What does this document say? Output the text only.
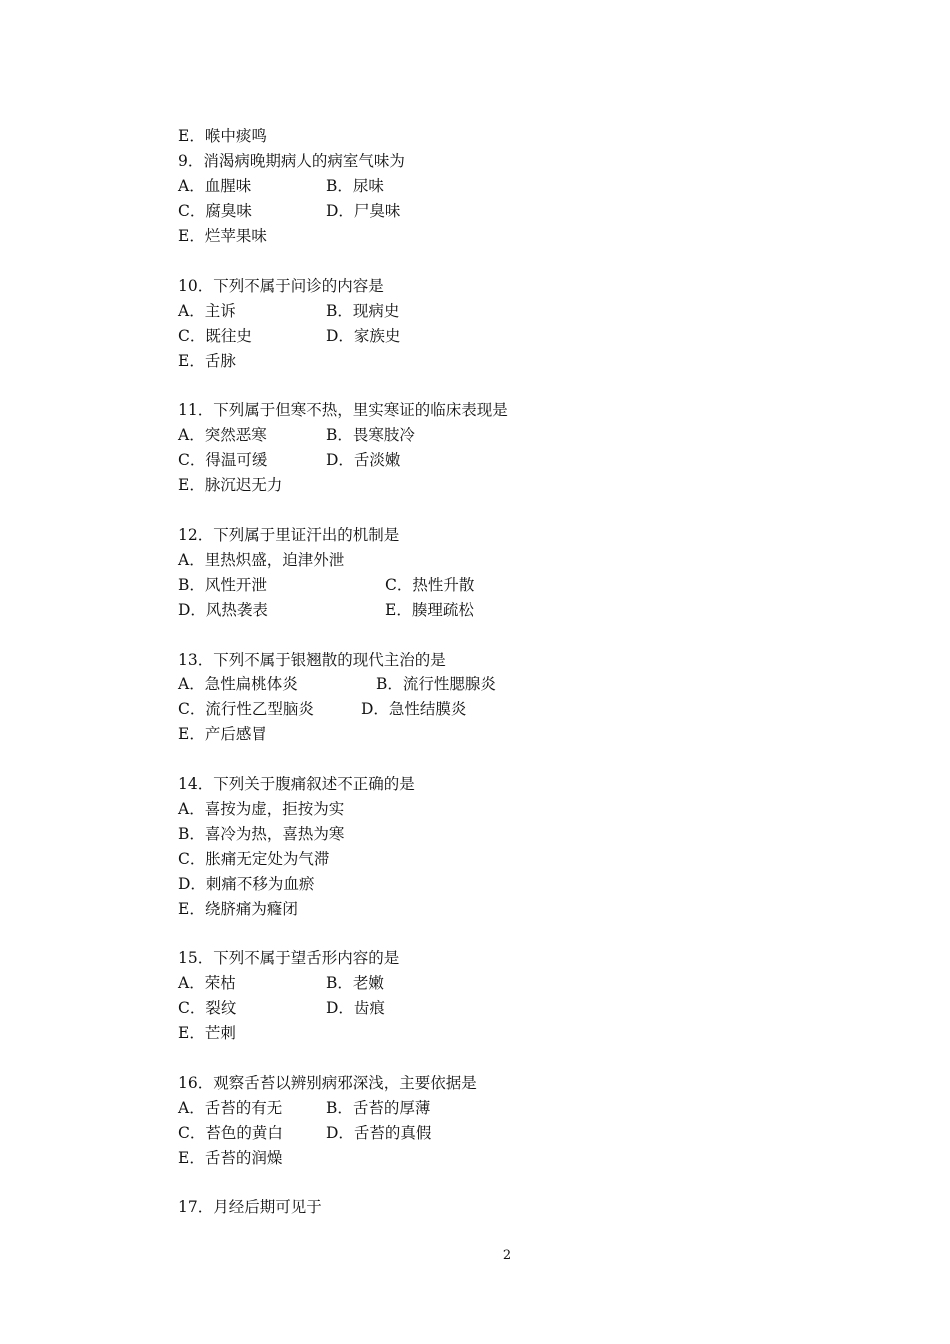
E．喉中痰鸣
9．消渴病晚期病人的病室气味为
A．血腥味	B．尿味
C．腐臭味	D．尸臭味
E．烂苹果味
10．下列不属于问诊的内容是
A．主诉	B．现病史
C．既往史	D．家族史
E．舌脉
11．下列属于但寒不热，里实寒证的临床表现是
A．突然恶寒	B．畏寒肢冷
C．得温可缓	D．舌淡嫩
E．脉沉迟无力
12．下列属于里证汗出的机制是
A．里热炽盛，迫津外泄
B．风性开泄	C．热性升散
D．风热袭表	E．腠理疏松
13．下列不属于银翘散的现代主治的是
A．急性扁桃体炎	B．流行性腮腺炎
C．流行性乙型脑炎	D．急性结膜炎
E．产后感冒
14．下列关于腹痛叙述不正确的是
A．喜按为虚，拒按为实
B．喜冷为热，喜热为寒
C．胀痛无定处为气滞
D．刺痛不移为血瘀
E．绕脐痛为癃闭
15．下列不属于望舌形内容的是
A．荣枯	B．老嫩
C．裂纹	D．齿痕
E．芒刺
16．观察舌苔以辨别病邪深浅，主要依据是
A．舌苔的有无	B．舌苔的厚薄
C．苔色的黄白	D．舌苔的真假
E．舌苔的润燥
17．月经后期可见于
2
